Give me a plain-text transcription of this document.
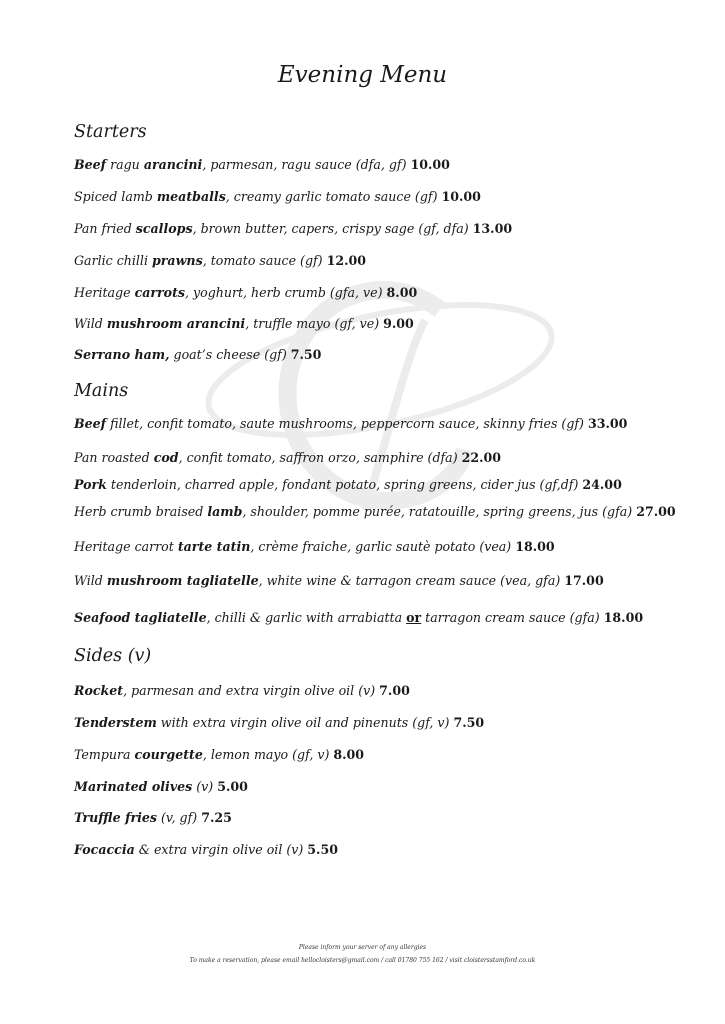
Evening Menu
Starters
Beef ragu arancini, parmesan, ragu sauce (dfa, gf) 10.00
Spiced lamb meatballs, creamy garlic tomato sauce (gf) 10.00
Pan fried scallops, brown butter, capers, crispy sage (gf, dfa) 13.00
Garlic chilli prawns, tomato sauce (gf) 12.00
Heritage carrots, yoghurt, herb crumb (gfa, ve) 8.00
Wild mushroom arancini, truffle mayo (gf, ve) 9.00
Serrano ham, goat’s cheese (gf) 7.50
Mains
Beef fillet, confit tomato, saute mushrooms, peppercorn sauce, skinny fries (gf) 33.00
Pan roasted cod, confit tomato, saffron orzo, samphire (dfa) 22.00
Pork tenderloin, charred apple, fondant potato, spring greens, cider jus (gf,df) 24.00
Herb crumb braised lamb, shoulder, pomme purée, ratatouille, spring greens, jus (gfa) 27.00
Heritage carrot tarte tatin, crème fraiche, garlic sautè potato (vea) 18.00
Wild mushroom tagliatelle, white wine & tarragon cream sauce (vea, gfa) 17.00
Seafood tagliatelle, chilli & garlic with arrabiatta or tarragon cream sauce (gfa) 18.00
Sides (v)
Rocket, parmesan and extra virgin olive oil (v) 7.00
Tenderstem with extra virgin olive oil and pinenuts (gf, v) 7.50
Tempura courgette, lemon mayo (gf, v) 8.00
Marinated olives (v) 5.00
Truffle fries (v, gf) 7.25
Focaccia & extra virgin olive oil (v) 5.50
Please inform your server of any allergies
To make a reservation, please email hellocloisters@gmail.com / call 01780 755 162 / visit cloistersstamford.co.uk
